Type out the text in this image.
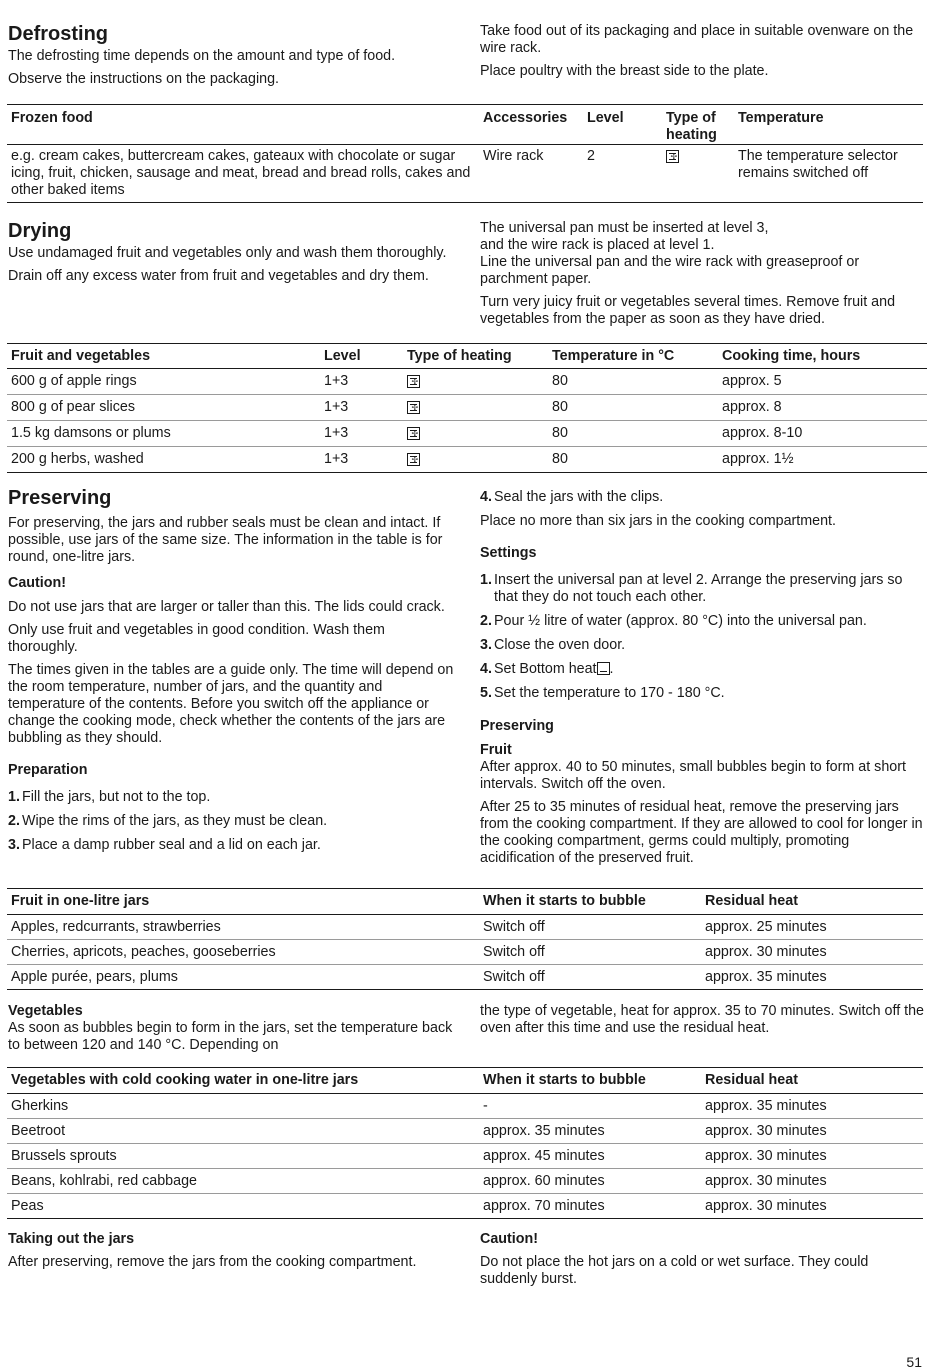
Defrosting

The defrosting time depends on the amount and type of food.

Observe the instructions on the packaging.

Take food out of its packaging and place in suitable ovenware on the wire rack.

Place poultry with the breast side to the plate.

Frozen food	Accessories	Level	Type of heating	Temperature
e.g. cream cakes, buttercream cakes, gateaux with chocolate or sugar icing, fruit, chicken, sausage and meat, bread and bread rolls, cakes and other baked items	Wire rack	2	✢	The temperature selector remains switched off
Drying

Use undamaged fruit and vegetables only and wash them thoroughly.

Drain off any excess water from fruit and vegetables and dry them.

The universal pan must be inserted at level 3,
and the wire rack is placed at level 1.

Line the universal pan and the wire rack with greaseproof or parchment paper.

Turn very juicy fruit or vegetables several times. Remove fruit and vegetables from the paper as soon as they have dried.

Fruit and vegetables	Level	Type of heating	Temperature in °C	Cooking time, hours
600 g of apple rings	1+3	✢	80	approx. 5
800 g of pear slices	1+3	✢	80	approx. 8
1.5 kg damsons or plums	1+3	✢	80	approx. 8-10
200 g herbs, washed	1+3	✢	80	approx. 1½
Preserving

For preserving, the jars and rubber seals must be clean and intact. If possible, use jars of the same size. The information in the table is for round, one-litre jars.

Caution!

Do not use jars that are larger or taller than this. The lids could crack.

Only use fruit and vegetables in good condition. Wash them thoroughly.

The times given in the tables are a guide only. The time will depend on the room temperature, number of jars, and the quantity and temperature of the contents. Before you switch off the appliance or change the cooking mode, check whether the contents of the jars are bubbling as they should.

Preparation
1. Fill the jars, but not to the top.
2. Wipe the rims of the jars, as they must be clean.
3. Place a damp rubber seal and a lid on each jar.
4. Seal the jars with the clips.

Place no more than six jars in the cooking compartment.

Settings
1. Insert the universal pan at level 2. Arrange the preserving jars so that they do not touch each other.
2. Pour ½ litre of water (approx. 80 °C) into the universal pan.
3. Close the oven door.
4. Set Bottom heat .
5. Set the temperature to 170 - 180 °C.
Preserving
Fruit

After approx. 40 to 50 minutes, small bubbles begin to form at short intervals. Switch off the oven.

After 25 to 35 minutes of residual heat, remove the preserving jars from the cooking compartment. If they are allowed to cool for longer in the cooking compartment, germs could multiply, promoting acidification of the preserved fruit.

Fruit in one-litre jars	When it starts to bubble	Residual heat
Apples, redcurrants, strawberries	Switch off	approx. 25 minutes
Cherries, apricots, peaches, gooseberries	Switch off	approx. 30 minutes
Apple purée, pears, plums	Switch off	approx. 35 minutes
Vegetables

As soon as bubbles begin to form in the jars, set the temperature back to between 120 and 140 °C. Depending on

the type of vegetable, heat for approx. 35 to 70 minutes. Switch off the oven after this time and use the residual heat.

Vegetables with cold cooking water in one-litre jars	When it starts to bubble	Residual heat
Gherkins	-	approx. 35 minutes
Beetroot	approx. 35 minutes	approx. 30 minutes
Brussels sprouts	approx. 45 minutes	approx. 30 minutes
Beans, kohlrabi, red cabbage	approx. 60 minutes	approx. 30 minutes
Peas	approx. 70 minutes	approx. 30 minutes
Taking out the jars

After preserving, remove the jars from the cooking compartment.

Caution!

Do not place the hot jars on a cold or wet surface. They could suddenly burst.

51
